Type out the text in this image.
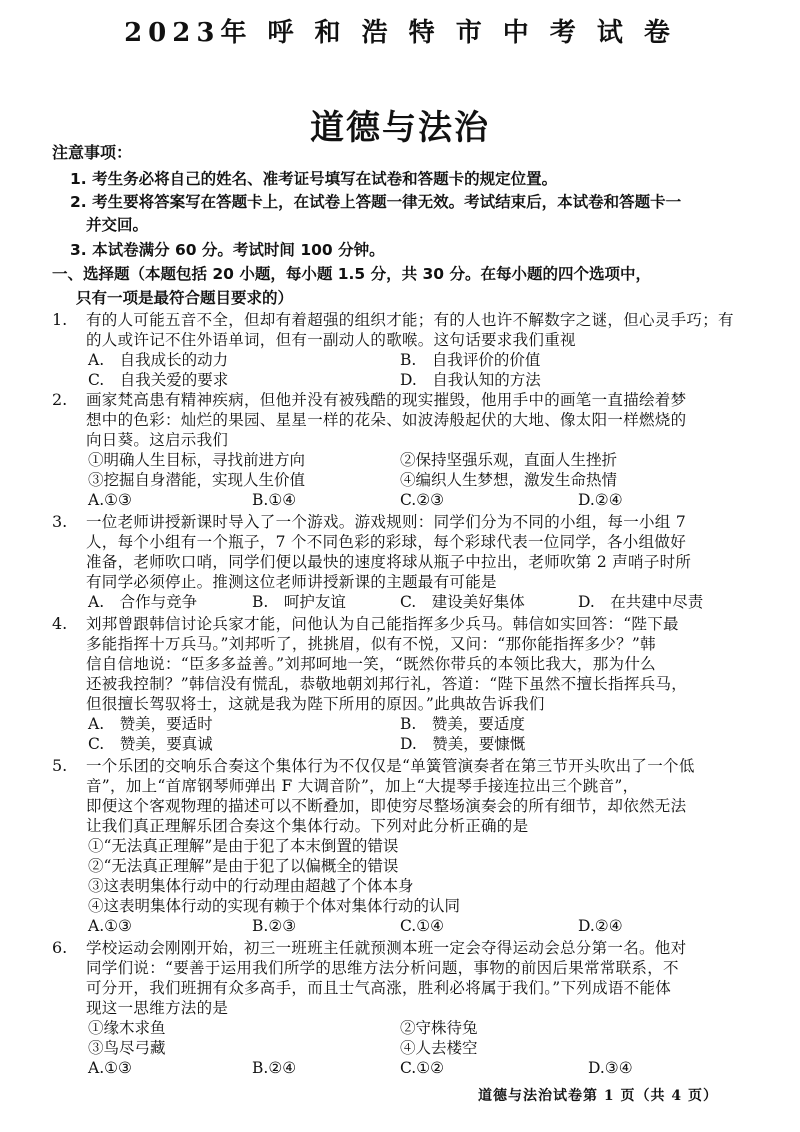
2023年 呼 和 浩 特 市 中 考 试 卷
道德与法治
注意事项：
1. 考生务必将自己的姓名、准考证号填写在试卷和答题卡的规定位置。
2. 考生要将答案写在答题卡上，在试卷上答题一律无效。考试结束后，本试卷和答题卡一
并交回。
3. 本试卷满分 60 分。考试时间 100 分钟。
一、选择题（本题包括 20 小题，每小题 1.5 分，共 30 分。在每小题的四个选项中，
只有一项是最符合题目要求的）
1. 有的人可能五音不全，但却有着超强的组织才能；有的人也许不解数字之谜，但心灵手巧；有
的人或许记不住外语单词，但有一副动人的歌喉。这句话要求我们重视
A.　自我成长的动力	B.　自我评价的价值
C.　自我关爱的要求	D.　自我认知的方法
2. 画家梵高患有精神疾病，但他并没有被残酷的现实摧毁，他用手中的画笔一直描绘着梦
想中的色彩：灿烂的果园、星星一样的花朵、如波涛般起伏的大地、像太阳一样燃烧的
向日葵。这启示我们
①明确人生目标，寻找前进方向	②保持坚强乐观，直面人生挫折
③挖掘自身潜能，实现人生价值	④编织人生梦想，激发生命热情
A.①③	B.①④	C.②③	D.②④
3. 一位老师讲授新课时导入了一个游戏。游戏规则：同学们分为不同的小组，每一小组 7
人，每个小组有一个瓶子，7 个不同色彩的彩球，每个彩球代表一位同学，各小组做好
准备，老师吹口哨，同学们便以最快的速度将球从瓶子中拉出，老师吹第 2 声哨子时所
有同学必须停止。推测这位老师讲授新课的主题最有可能是
A.　合作与竞争	B.　呵护友谊	C.　建设美好集体	D.　在共建中尽责
4. 刘邦曾跟韩信讨论兵家才能，问他认为自己能指挥多少兵马。韩信如实回答：“陛下最
多能指挥十万兵马。”刘邦听了，挑挑眉，似有不悦，又问：“那你能指挥多少？”韩
信自信地说：“臣多多益善。”刘邦呵地一笑，“既然你带兵的本领比我大，那为什么
还被我控制？”韩信没有慌乱，恭敬地朝刘邦行礼，答道：“陛下虽然不擅长指挥兵马，
但很擅长驾驭将士，这就是我为陛下所用的原因。”此典故告诉我们
A.　赞美，要适时	B.　赞美，要适度
C.　赞美，要真诚	D.　赞美，要慷慨
5. 一个乐团的交响乐合奏这个集体行为不仅仅是“单簧管演奏者在第三节开头吹出了一个低
音”，加上“首席钢琴师弹出 F 大调音阶”，加上“大提琴手接连拉出三个跳音”，
即便这个客观物理的描述可以不断叠加，即使穷尽整场演奏会的所有细节，却依然无法
让我们真正理解乐团合奏这个集体行动。下列对此分析正确的是
①“无法真正理解”是由于犯了本末倒置的错误
②“无法真正理解”是由于犯了以偏概全的错误
③这表明集体行动中的行动理由超越了个体本身
④这表明集体行动的实现有赖于个体对集体行动的认同
A.①③	B.②③	C.①④	D.②④
6. 学校运动会刚刚开始，初三一班班主任就预测本班一定会夺得运动会总分第一名。他对
同学们说：“要善于运用我们所学的思维方法分析问题，事物的前因后果常常联系，不
可分开，我们班拥有众多高手，而且士气高涨，胜利必将属于我们。”下列成语不能体
现这一思维方法的是
①缘木求鱼	②守株待兔
③鸟尽弓藏	④人去楼空
A.①③	B.②④	C.①②	D.③④
道德与法治试卷第 1 页（共 4 页）
